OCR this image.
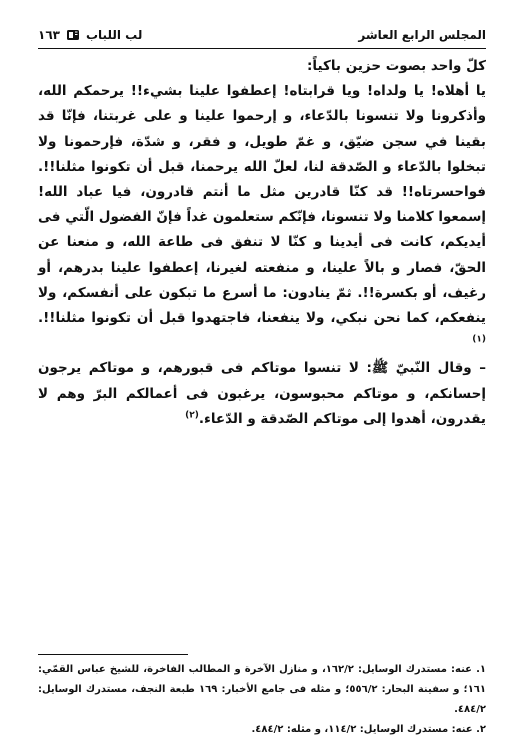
المجلس الرابع العاشر
١٦٣ لب اللباب

كلّ واحد بصوت حزين باكياً:

يا أهلاه! يا ولداه! ويا قرابتاه! إعطفوا علينا بشيء!! يرحمكم الله، وأذكرونا ولا تنسونا بالدّعاء، و إرحموا علينا و على غربتنا، فإنّا قد بقينا في سجن ضيّق، و غمّ طويل، و فقر، و شدّة، فإرحمونا ولا تبخلوا بالدّعاء و الصّدقة لنا، لعلّ الله يرحمنا، قبل أن تكونوا مثلنا!!. فواحسرتاه!! قد كنّا قادرين مثل ما أنتم قادرون، فيا عباد الله! إسمعوا كلامنا ولا تنسونا، فإنّكم ستعلمون غداً فإنّ الفضول الّتي فى أيديكم، كانت فى أيدينا و كنّا لا تنفق فى طاعة الله، و منعنا عن الحقّ، فصار و بالاً علينا، و منفعته لغيرنا، إعطفوا علينا بدرهم، أو رغيف، أو بكسرة!!. ثمّ ينادون: ما أسرع ما تبكون على أنفسكم، ولا ينفعكم، كما نحن نبكي، ولا ينفعنا، فاجتهدوا قبل أن تكونوا مثلنا!!.$^{(١)}$

– وقال النّبيّ ﷺ: لا تنسوا موتاكم فى قبورهم، و موتاكم يرجون إحسانكم، و موتاكم محبوسون، يرغبون فى أعمالكم البرّ وهم لا يقدرون، أهدوا إلى موتاكم الصّدقة و الدّعاء.$^{(٢)}$

١. عنه: مستدرك الوسايل: ١٦٢/٢، و منازل الآخرة و المطالب الفاخرة، للشيخ عباس القمّي: ١٦١؛ و سفينة البحار: ٥٥٦/٢؛ و مثله فى جامع الأخبار: ١٦٩ طبعة النجف، مستدرك الوسايل: ٤٨٤/٢.

٢. عنه: مستدرك الوسايل: ١١٤/٢، و مثله: ٤٨٤/٢.
